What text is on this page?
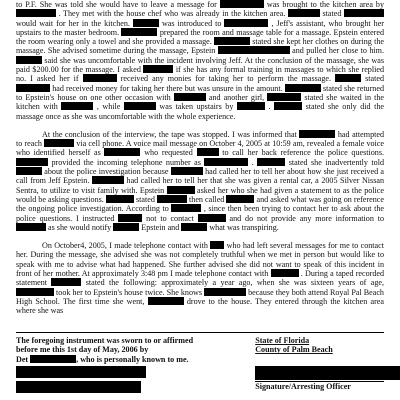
to P.F. She was told she would have to leave a message for	was brought to the kitchen area by  . They met with the house chef who was already in the kitchen area.	stated  would wait for her in the kitchen.	was introduced to	, Jeff's assistant, who brought her upstairs to the master bedroom.	prepared the room and massage table for a massage. Epstein entered the room wearing only a towel and she provided a massage.	stated she kept her clothes on during the massage. She advised sometime during the massage, Epstein	and pulled her close to him.  said she was uncomfortable with the incident involving Jeff. At the conclusion of the massage, she was paid $200.00 for the massage. I asked	if she has any formal training in massages to which she replied no. I asked her if	received any monies for taking her to perform the massage.	stated  had received money for taking her there but was unsure in the amount.	stated she returned to Epstein's house on one other occasion with	and another girl,	stated she waited in the kitchen with	, while	was taken upstairs by	.	stated she only did the massage once as she was uncomfortable with the whole experience.

At the conclusion of the interview, the tape was stopped. I was informed that	had attempted to reach	via cell phone. A voice mail message on October 4, 2005 at 10:59 am, revealed a female voice who identified herself as	who requested	to call her back reference the police questions.  provided the incoming telephone number as	.	stated she inadvertently told  about the police investigation because	had called her to tell her about how she just received a call from Jeff Epstein.	had called her to tell her that she was given a rental car, a 2005 Silver Nissan Sentra, to utilize to visit family with. Epstein	asked her who she had given a statement to as the police would be asking questions.	stated	then called	and asked what was going on reference the ongoing police investigation. According to	, since then been trying to contact her to ask about the police questions. I instructed	not to contact	and do not provide any more information to  as she would notify	Epstein and	what was transpiring.

On October4, 2005, I made telephone contact with who had left several messages for me to contact her. During the message, she advised she was not completely truthful when we met in person but would like to speak with me to advise what had happened. She further advised she did not want to speak of this incident in front of her mother. At approximately 3:48 pm I made telephone contact with	. During a taped recorded statement	stated the following: approximately a year ago, when she was sixteen years of age,  took her to Epstein's house twice. She knows	because they both attend Royal Pal Beach High School. The first time she went,	drove to the house. They entered through the kitchen area where she was

The foregoing instrument was sworn to or affirmed
before me this 1st day of May, 2006 by
Det	, who is personally known to me.
State of Florida
County of Palm Beach
Signature/Arresting Officer
